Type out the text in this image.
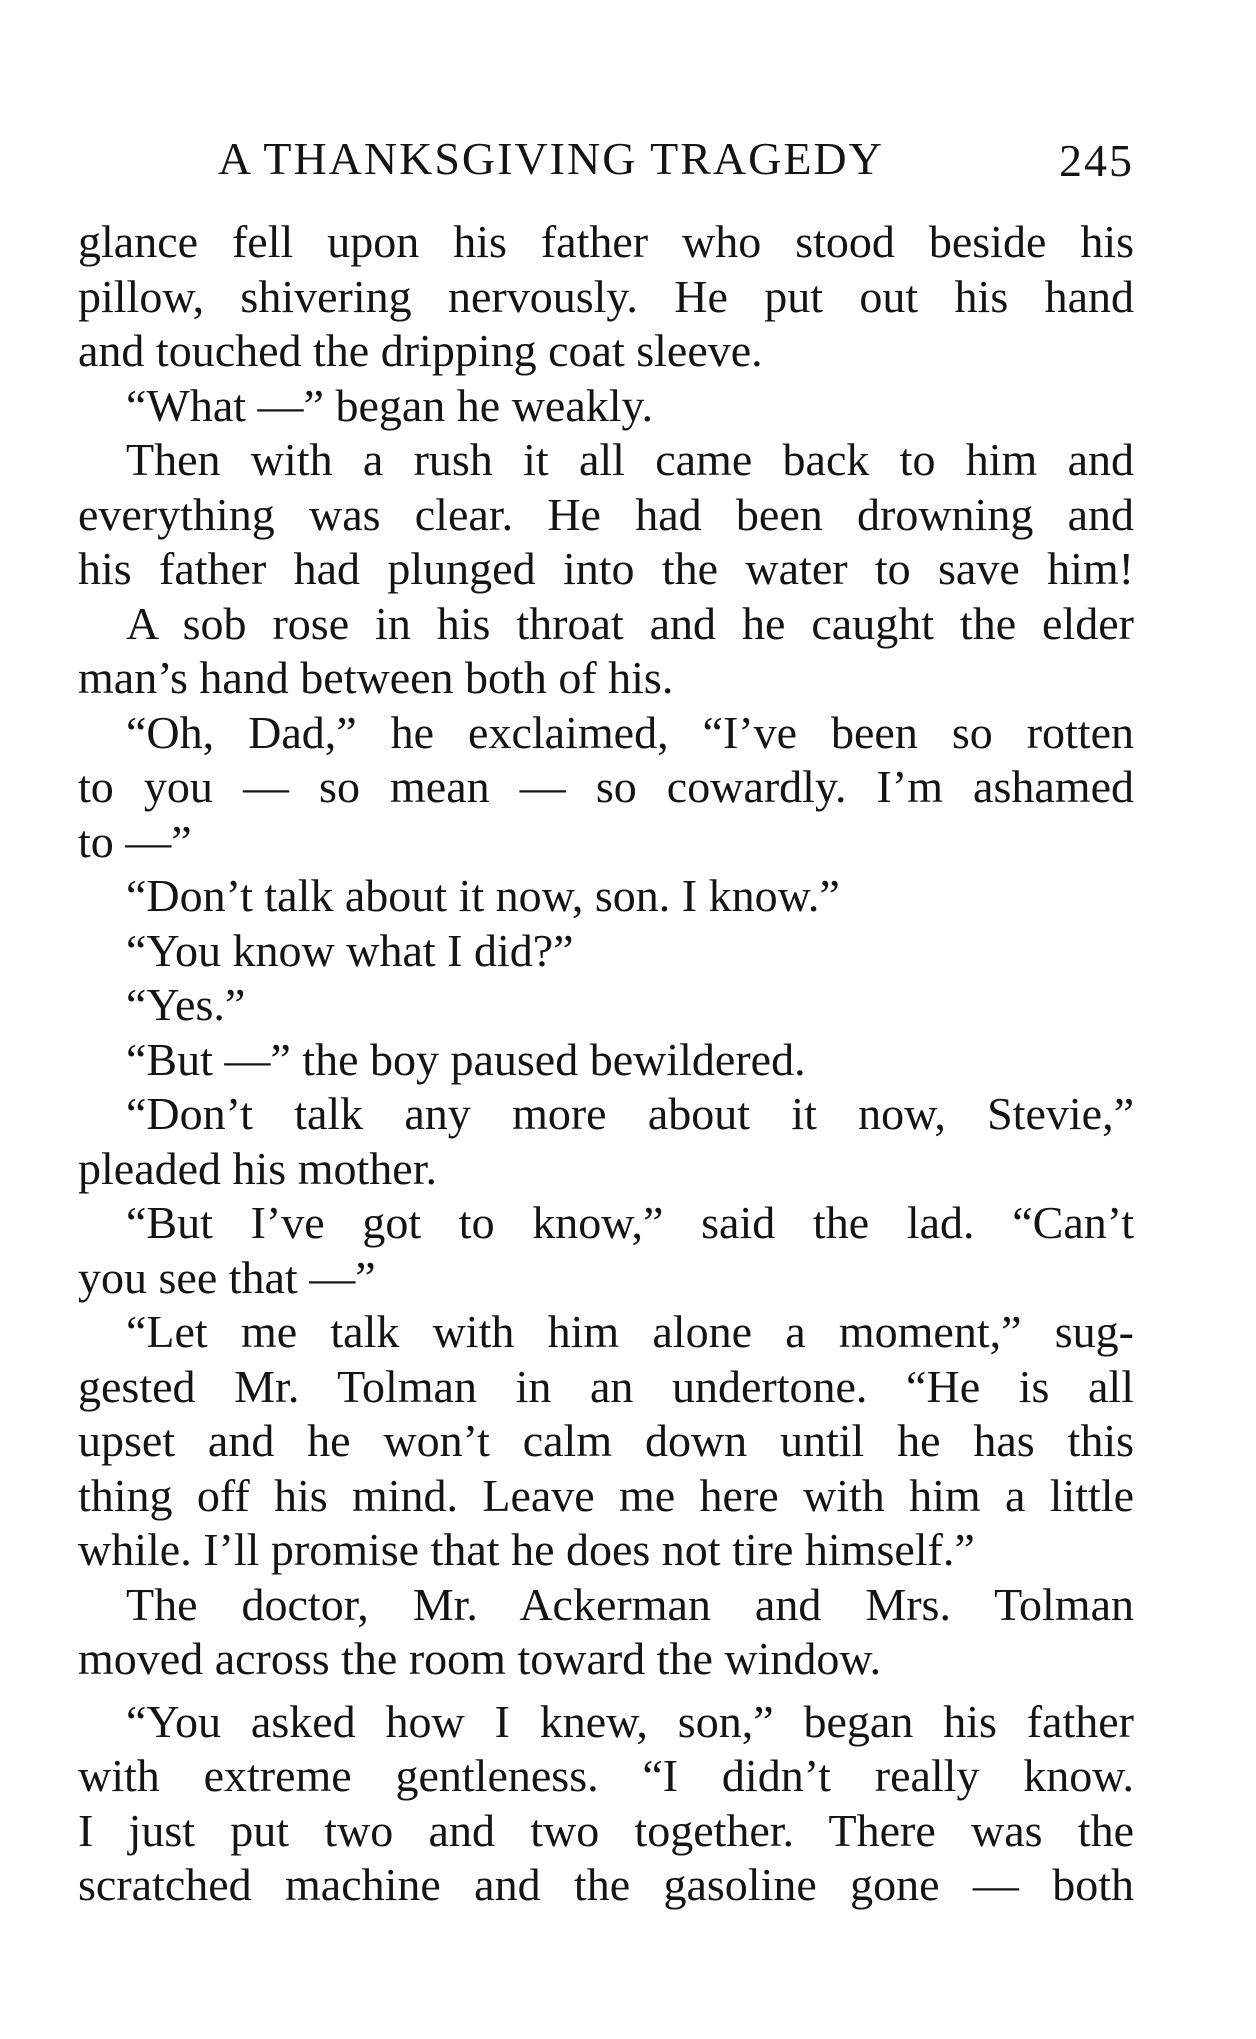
A THANKSGIVING TRAGEDY	245
glance fell upon his father who stood beside his
pillow, shivering nervously. He put out his hand
and touched the dripping coat sleeve.
“What —” began he weakly.
Then with a rush it all came back to him and
everything was clear. He had been drowning and
his father had plunged into the water to save him!
A sob rose in his throat and he caught the elder
man’s hand between both of his.
“Oh, Dad,” he exclaimed, “I’ve been so rotten
to you — so mean — so cowardly. I’m ashamed
to —”
“Don’t talk about it now, son. I know.”
“You know what I did?”
“Yes.”
“But —” the boy paused bewildered.
“Don’t talk any more about it now, Stevie,”
pleaded his mother.
“But I’ve got to know,” said the lad. “Can’t
you see that —”
“Let me talk with him alone a moment,” sug-
gested Mr. Tolman in an undertone. “He is all
upset and he won’t calm down until he has this
thing off his mind. Leave me here with him a little
while. I’ll promise that he does not tire himself.”
The doctor, Mr. Ackerman and Mrs. Tolman
moved across the room toward the window.
“You asked how I knew, son,” began his father
with extreme gentleness. “I didn’t really know.
I just put two and two together. There was the
scratched machine and the gasoline gone — both
